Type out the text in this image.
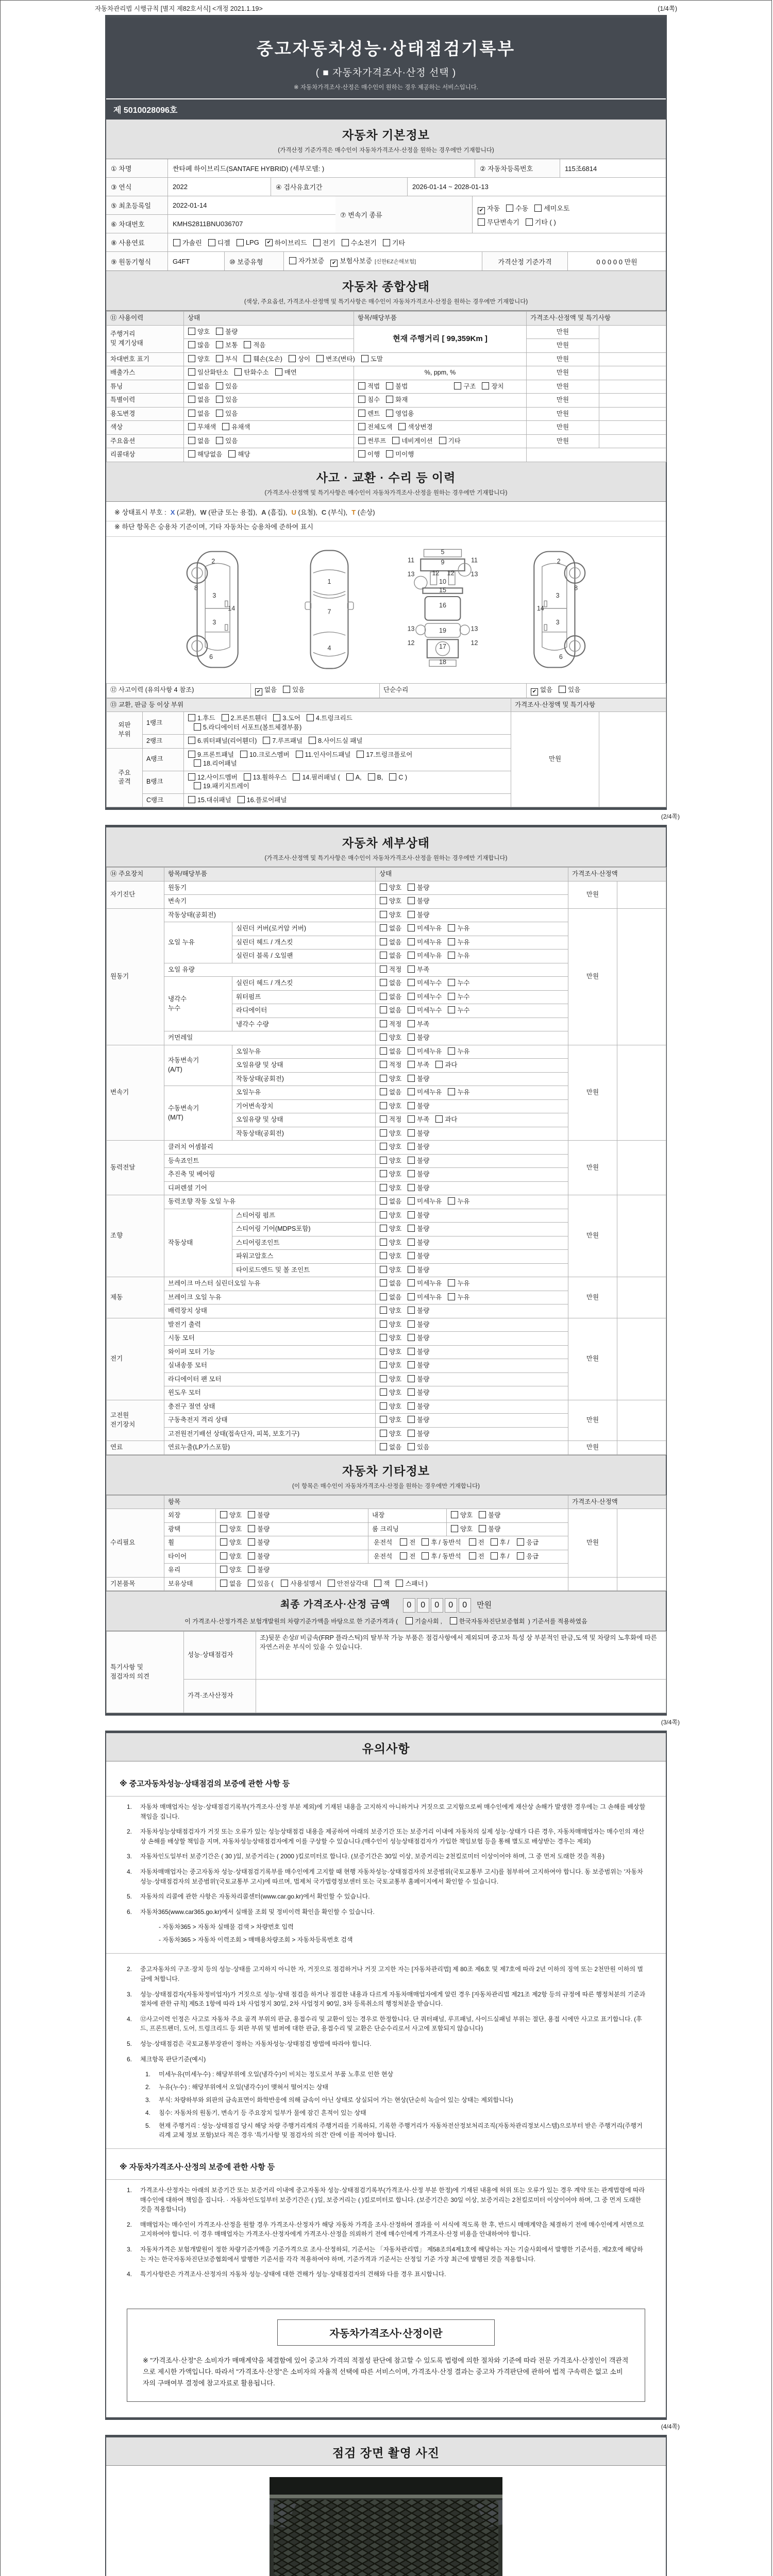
자동차관리법 시행규칙 [별지 제82호서식] <개정 2021.1.19>	(1/4쪽)
중고자동차성능·상태점검기록부
( ■ 자동차가격조사·산정 선택 )
※ 자동차가격조사·산정은 매수인이 원하는 경우 제공하는 서비스입니다.
제 5010028096호
자동차 기본정보
(가격산정 기준가격은 매수인이 자동차가격조사·산정을 원하는 경우에만 기재합니다)
① 차명	싼타페 하이브리드(SANTAFE HYBRID) (세부모델: )	② 자동차등록번호	115조6814
③ 연식	2022	④ 검사유효기간	2026-01-14 ~ 2028-01-13
⑤ 최초등록일	2022-01-14
⑥ 차대번호	KMHS2811BNU036707
⑦ 변속기 종류
✔ 자동 수동 세미오토
무단변속기 기타 ( )
⑧ 사용연료	가솔린 디젤 LPG ✔ 하이브리드 전기 수소전기 기타
⑨ 원동기형식	G4FT	⑩ 보증유형	자가보증 ✔ 보험사보증 [신한EZ손해보험]	가격산정 기준가격	0 0 0 0 0 만원
자동차 종합상태
(색상, 주요옵션, 가격조사·산정액 및 특기사항은 매수인이 자동차가격조사·산정을 원하는 경우에만 기재합니다)
⑪ 사용이력	상태	항목/해당부품	가격조사·산정액 및 특기사항	
주행거리
및 계기상태	양호 불량	현재 주행거리 [ 99,359Km ]	만원	
	많음 보통 적음		만원	
차대번호 표기	양호 부식 훼손(오손) 상이 변조(변타) 도말		만원	
배출가스	일산화탄소 탄화수소 매연	%, ppm, %	만원	
튜닝	없음 있음	적법 불법 구조 장치	만원	
특별이력	없음 있음	침수 화재	만원	
용도변경	없음 있음	렌트 영업용	만원	
색상	무채색 유채색	전체도색 색상변경	만원	
주요옵션	없음 있음	썬루프 네비게이션 기타	만원	
리콜대상	해당없음 해당	이행 미이행		
사고 · 교환 · 수리 등 이력
(가격조사·산정액 및 특기사항은 매수인이 자동차가격조사·산정을 원하는 경우에만 기재합니다)
※ 상태표시 부호 : X (교환), W (판금 또는 용접), A (흠집), U (요철), C (부식), T (손상)
※ 하단 항목은 승용차 기준이며, 기타 자동차는 승용차에 준하여 표시
2
8
3
14
3
6
1
7
4
5
11	11
9
13	13
12 12
10
15
16
13	13
19
12	12
17
18
2
8
3
14
3
6
⑫ 사고이력 (유의사항 4 참조)	✔ 없음 있음	단순수리	✔ 없음 있음
⑬ 교환, 판금 등 이상 부위			가격조사·산정액 및 특기사항	
외판
부위	1랭크	1.후드 2.프론트휀더 3.도어 4.트렁크리드
5.라디에이터 서포트(볼트체결부품)	만원	
	2랭크	6.쿼터패널(리어휀더) 7.루프패널 8.사이드실 패널		
주요
골격	A랭크	9.프론트패널 10.크로스멤버 11.인사이드패널 17.트렁크플로어
18.리어패널		
	B랭크	12.사이드멤버 13.휠하우스 14.필러패널 ( A, B, C )
19.패키지트레이		
	C랭크	15.대쉬패널 16.플로어패널		
(2/4쪽)
자동차 세부상태
(가격조사·산정액 및 특기사항은 매수인이 자동차가격조사·산정을 원하는 경우에만 기재합니다)
⑭ 주요장치	항목/해당부품		상태	가격조사·산정액	
자기진단	원동기		양호 불량	만원	
	변속기		양호 불량		
원동기	작동상태(공회전)		양호 불량	만원	
	오일 누유	실린더 커버(로커암 커버)	없음 미세누유 누유		
		실린더 헤드 / 개스킷	없음 미세누유 누유		
		실린더 블록 / 오일팬	없음 미세누유 누유		
	오일 유량		적정 부족		
	냉각수
누수	실린더 헤드 / 개스킷	없음 미세누수 누수		
		워터펌프	없음 미세누수 누수		
		라디에이터	없음 미세누수 누수		
		냉각수 수량	적정 부족		
	커먼레일		양호 불량		
변속기	자동변속기
(A/T)	오일누유	없음 미세누유 누유	만원	
		오일유량 및 상태	적정 부족 과다		
		작동상태(공회전)	양호 불량		
	수동변속기
(M/T)	오일누유	없음 미세누유 누유		
		기어변속장치	양호 불량		
		오일유량 및 상태	적정 부족 과다		
		작동상태(공회전)	양호 불량		
동력전달	클러치 어셈블리		양호 불량	만원	
	등속죠인트		양호 불량		
	추진축 및 베어링		양호 불량		
	디퍼렌셜 기어		양호 불량		
조향	동력조향 작동 오일 누유		없음 미세누유 누유	만원	
	작동상태	스티어링 펌프	양호 불량		
		스티어링 기어(MDPS포함)	양호 불량		
		스티어링조인트	양호 불량		
		파워고압호스	양호 불량		
		타이로드엔드 및 볼 조인트	양호 불량		
제동	브레이크 마스터 실린더오일 누유		없음 미세누유 누유	만원	
	브레이크 오일 누유		없음 미세누유 누유		
	배력장치 상태		양호 불량		
전기	발전기 출력		양호 불량	만원	
	시동 모터		양호 불량		
	와이퍼 모터 기능		양호 불량		
	실내송풍 모터		양호 불량		
	라디에이터 팬 모터		양호 불량		
	윈도우 모터		양호 불량		
고전원
전기장치	충전구 절연 상태		양호 불량	만원	
	구동축전지 격리 상태		양호 불량		
	고전원전기배선 상태(접속단자, 피복, 보호기구)		양호 불량		
연료	연료누출(LP가스포함)		없음 있음	만원	
자동차 기타정보
(이 항목은 매수인이 자동차가격조사·산정을 원하는 경우에만 기재합니다)
	항목				가격조사·산정액	
수리필요	외장	양호 불량	내장	양호 불량	만원	
	광택	양호 불량	룸 크리닝	양호 불량		
	휠	양호 불량	운전석 전 후 / 동반석 전 후 / 응급			
	타이어	양호 불량	운전석 전 후 / 동반석 전 후 / 응급			
	유리	양호 불량				
기본품목	보유상태	없음 있음 ( 사용설명서 안전삼각대 잭 스패너 )				
최종 가격조사·산정 금액 0 0 0 0 0 만원
이 가격조사·산정가격은 보험개발원의 차량기준가액을 바탕으로 한 기준가격과 (	기술사회 ,	한국자동차진단보증협회 ) 기준서를 적용하였음
특기사항 및
점검자의 의견	성능·상태점검자	조)뒷문 손상// 비금속(FRP 플라스틱)의 탈부착 가능 부품은 점검사항에서 제외되며 중고차 특성 상 부분적인 판금,도색 및 차량의 노후화에 따른 자연스러운 부식이 있을 수 있습니다.
	가격·조사산정자	
(3/4쪽)
유의사항
※ 중고자동차성능·상태점검의 보증에 관한 사항 등
1.	자동차 매매업자는 성능·상태점검기록부(가격조사·산정 부분 제외)에 기재된 내용을 고지하지 아니하거나 거짓으로 고지함으로써 매수인에게 재산상 손해가 발생한 경우에는 그 손해를 배상할 책임을 집니다.
2.	자동차성능상태점검자가 거짓 또는 오류가 있는 성능상태점검 내용을 제공하여 아래의 보증기간 또는 보증거리 이내에 자동차의 실제 성능·상태가 다른 경우, 자동차매매업자는 매수인의 재산상 손해를 배상할 책임을 지며, 자동차성능상태점검자에게 이를 구상할 수 있습니다.(매수인이 성능상태점검자가 가입한 책임보험 등을 통해 별도로 배상받는 경우는 제외)
3.	자동차인도일부터 보증기간은 ( 30 )일, 보증거리는 ( 2000 )킬로미터로 합니다. (보증기간은 30일 이상, 보증거리는 2천킬로미터 이상이어야 하며, 그 중 먼저 도래한 것을 적용)
4.	자동차매매업자는 중고자동차 성능·상태점검기록부를 매수인에게 고지할 때 현행 자동차성능·상태점검자의 보증범위(국토교통부 고시)를 첨부하여 고지하여야 합니다. 동 보증범위는 '자동차성능·상태점검자의 보증범위'(국토교통부 고시)에 따르며, 법제처 국가법령정보센터 또는 국토교통부 홈페이지에서 확인할 수 있습니다.
5.	자동차의 리콜에 관한 사항은 자동차리콜센터(www.car.go.kr)에서 확인할 수 있습니다.
6.	자동차365(www.car365.go.kr)에서 실매물 조회 및 정비이력 확인을 확인할 수 있습니다.
- 자동차365 > 자동차 실매물 검색 > 차량번호 입력
- 자동차365 > 자동차 이력조회 > 매매용차량조회 > 자동차등록번호 검색
2.	중고자동차의 구조·장치 등의 성능·상태를 고지하지 아니한 자, 거짓으로 점검하거나 거짓 고지한 자는 [자동차관리법] 제 80조 제6호 및 제7호에 따라 2년 이하의 징역 또는 2천만원 이하의 벌금에 처합니다.
3.	성능·상태점검자(자동차정비업자)가 거짓으로 성능·상태 점검을 하거나 점검한 내용과 다르게 자동차매매업자에게 알린 경우 [자동차관리법 제21조 제2항 등의 규정에 따른 행정처분의 기준과 절차에 관한 규칙] 제5조 1항에 따라 1차 사업정지 30일, 2차 사업정지 90일, 3차 등록취소의 행정처분을 받습니다.
4.	⑫사고이력 인정은 사고로 자동차 주요 골격 부위의 판금, 용접수리 및 교환이 있는 경우로 한정합니다. 단 쿼터패널, 루프패널, 사이드실패널 부위는 절단, 용접 시에만 사고로 표기합니다. (후드, 프론트펜더, 도어, 트렁크리드 등 외판 부위 및 범퍼에 대한 판금, 용접수리 및 교환은 단순수리로서 사고에 포함되지 않습니다)
5.	성능·상태점검은 국토교통부장관이 정하는 자동차성능·상태점검 방법에 따라야 합니다.
6.	체크항목 판단기준(예시)
1.	미세누유(미세누수) : 해당부위에 오일(냉각수)이 비치는 정도로서 부품 노후로 인한 현상
2.	누유(누수) : 해당부위에서 오일(냉각수)이 맺혀서 떨어지는 상태
3.	부식: 차량하부와 외판의 금속표면이 화학반응에 의해 금속이 아닌 상태로 상실되어 가는 현상(단순히 녹슬어 있는 상태는 제외합니다)
4.	침수: 자동차의 원동기, 변속기 등 주요장치 일부가 물에 잠긴 흔적이 있는 상태
5.	현재 주행거리 : 성능·상태점검 당시 해당 차량 주행거리계의 주행거리를 기록하되, 기록한 주행거리가 자동차전산정보처리조직(자동차관리정보시스템)으로부터 받은 주행거리(주행거리계 교체 정보 포함)보다 적은 경우 '특기사항 및 점검자의 의견' 란에 이를 적어야 합니다.
※ 자동차가격조사·산정의 보증에 관한 사항 등
1.	가격조사·산정자는 아래의 보증기간 또는 보증거리 이내에 중고자동차 성능·상태점검기록부(가격조사·산정 부분 한정)에 기재된 내용에 허위 또는 오류가 있는 경우 계약 또는 관계법령에 따라 매수인에 대하여 책임을 집니다. · 자동차인도일부터 보증기간은 ( )일, 보증거리는 ( )킬로미터로 합니다. (보증기간은 30일 이상, 보증거리는 2천킬로미터 이상이어야 하며, 그 중 먼저 도래한 것을 적용합니다)
2.	매매업자는 매수인이 가격조사·산정을 원할 경우 가격조사·산정자가 해당 자동차 가격을 조사·산정하여 결과를 이 서식에 적도록 한 후, 반드시 매매계약을 체결하기 전에 매수인에게 서면으로 고지하여야 합니다. 이 경우 매매업자는 가격조사·산정자에게 가격조사·산정을 의뢰하기 전에 매수인에게 가격조사·산정 비용을 안내하여야 합니다.
3.	자동차가격은 보험개발원이 정한 차량기준가액을 기준가격으로 조사·산정하되, 기준서는 「자동차관리법」 제58조의4제1호에 해당하는 자는 기술사회에서 발행한 기준서를, 제2호에 해당하는 자는 한국자동차진단보증협회에서 발행한 기준서를 각각 적용하여야 하며, 기준가격과 기준서는 산정일 기준 가장 최근에 발행된 것을 적용합니다.
4.	특기사항란은 가격조사·산정자의 자동차 성능·상태에 대한 견해가 성능·상태점검자의 견해와 다를 경우 표시합니다.
자동차가격조사·산정이란
※ "가격조사·산정"은 소비자가 매매계약을 체결함에 있어 중고차 가격의 적절성 판단에 참고할 수 있도록 법령에 의한 절차와 기준에 따라 전문 가격조사·산정인이 객관적으로 제시한 가액입니다. 따라서 "가격조사·산정"은 소비자의 자율적 선택에 따른 서비스이며, 가격조사·산정 결과는 중고차 가격판단에 관하여 법적 구속력은 없고 소비자의 구매여부 결정에 참고자료로 활용됩니다.
(4/4쪽)
점검 장면 촬영 사진
